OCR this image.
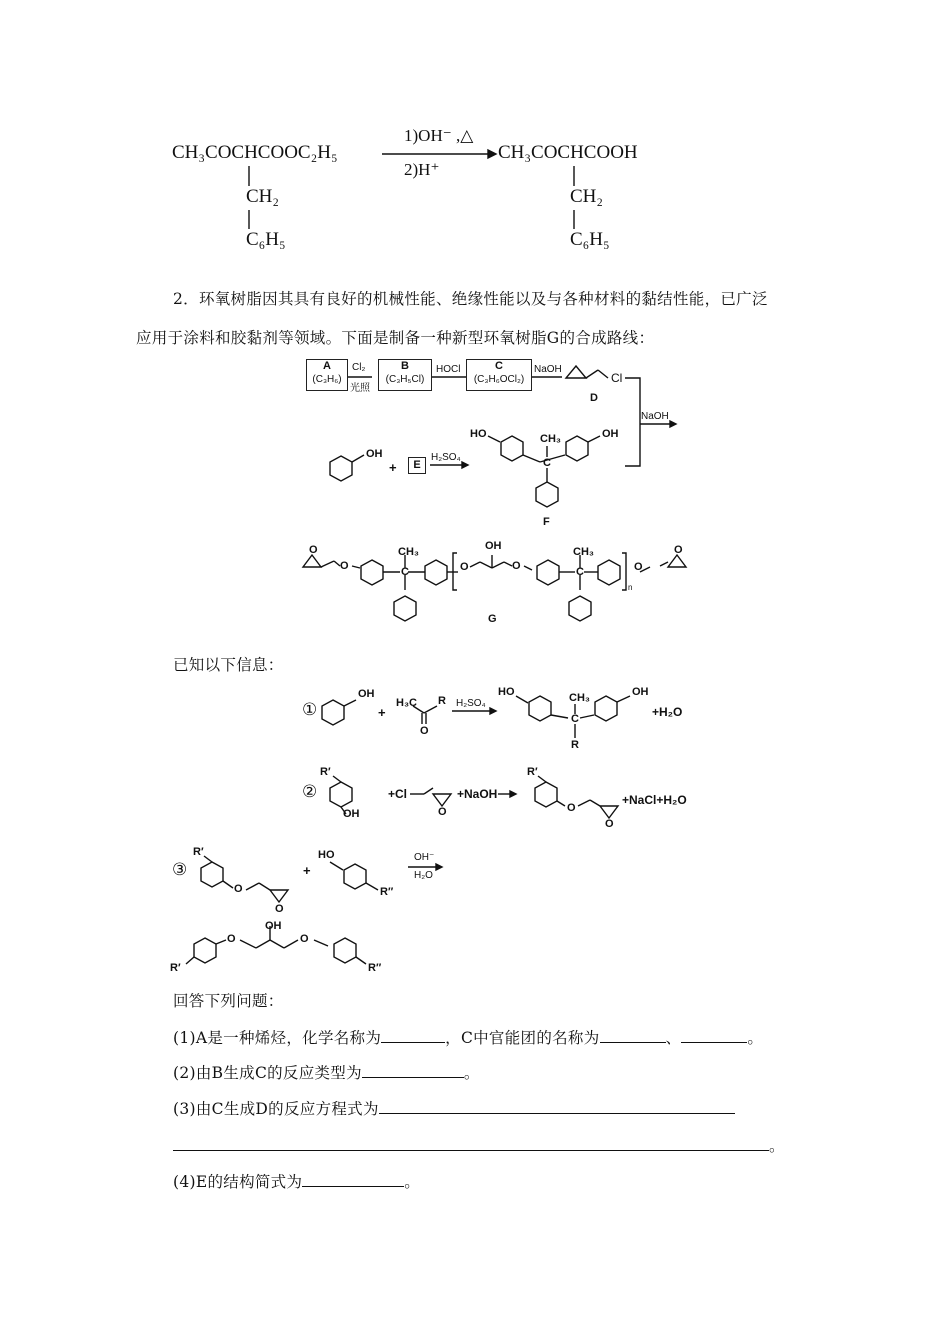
CH₃COCHCOOC₂H₅
CH₂
C₆H₅
1)OH⁻ ,△
2)H⁺
CH₃COCHCOOH
CH₂
C₆H₅
2．环氧树脂因其具有良好的机械性能、绝缘性能以及与各种材料的黏结性能，已广泛
应用于涂料和胶黏剂等领域。下面是制备一种新型环氧树脂G的合成路线：
A
(C₃H₆)
Cl₂
光照
B
(C₃H₅Cl)
HOCl	C
(C₃H₆OCl₂)
NaOH
Cl
D
NaOH
OH
+	E
H₂SO₄
HO	CH₃
C
OH
F
O
O
CH₃
C	O
OH
O
CH₃
C
n
O
O
G
已知以下信息：
①
OH
+
H₃C R
O
H₂SO₄
HO	CH₃
C
OH
R
+H₂O
②
R′
OH
+Cl
O
+NaOH
R′
O
O
+NaCl+H₂O
③
R′
O
O
+
HO
R″
OH⁻
H₂O
OH
O	O
R′	R″
回答下列问题：
(1)A是一种烯烃，化学名称为	，C中官能团的名称为	、	。
(2)由B生成C的反应类型为	。
(3)由C生成D的反应方程式为
。
(4)E的结构简式为	。
